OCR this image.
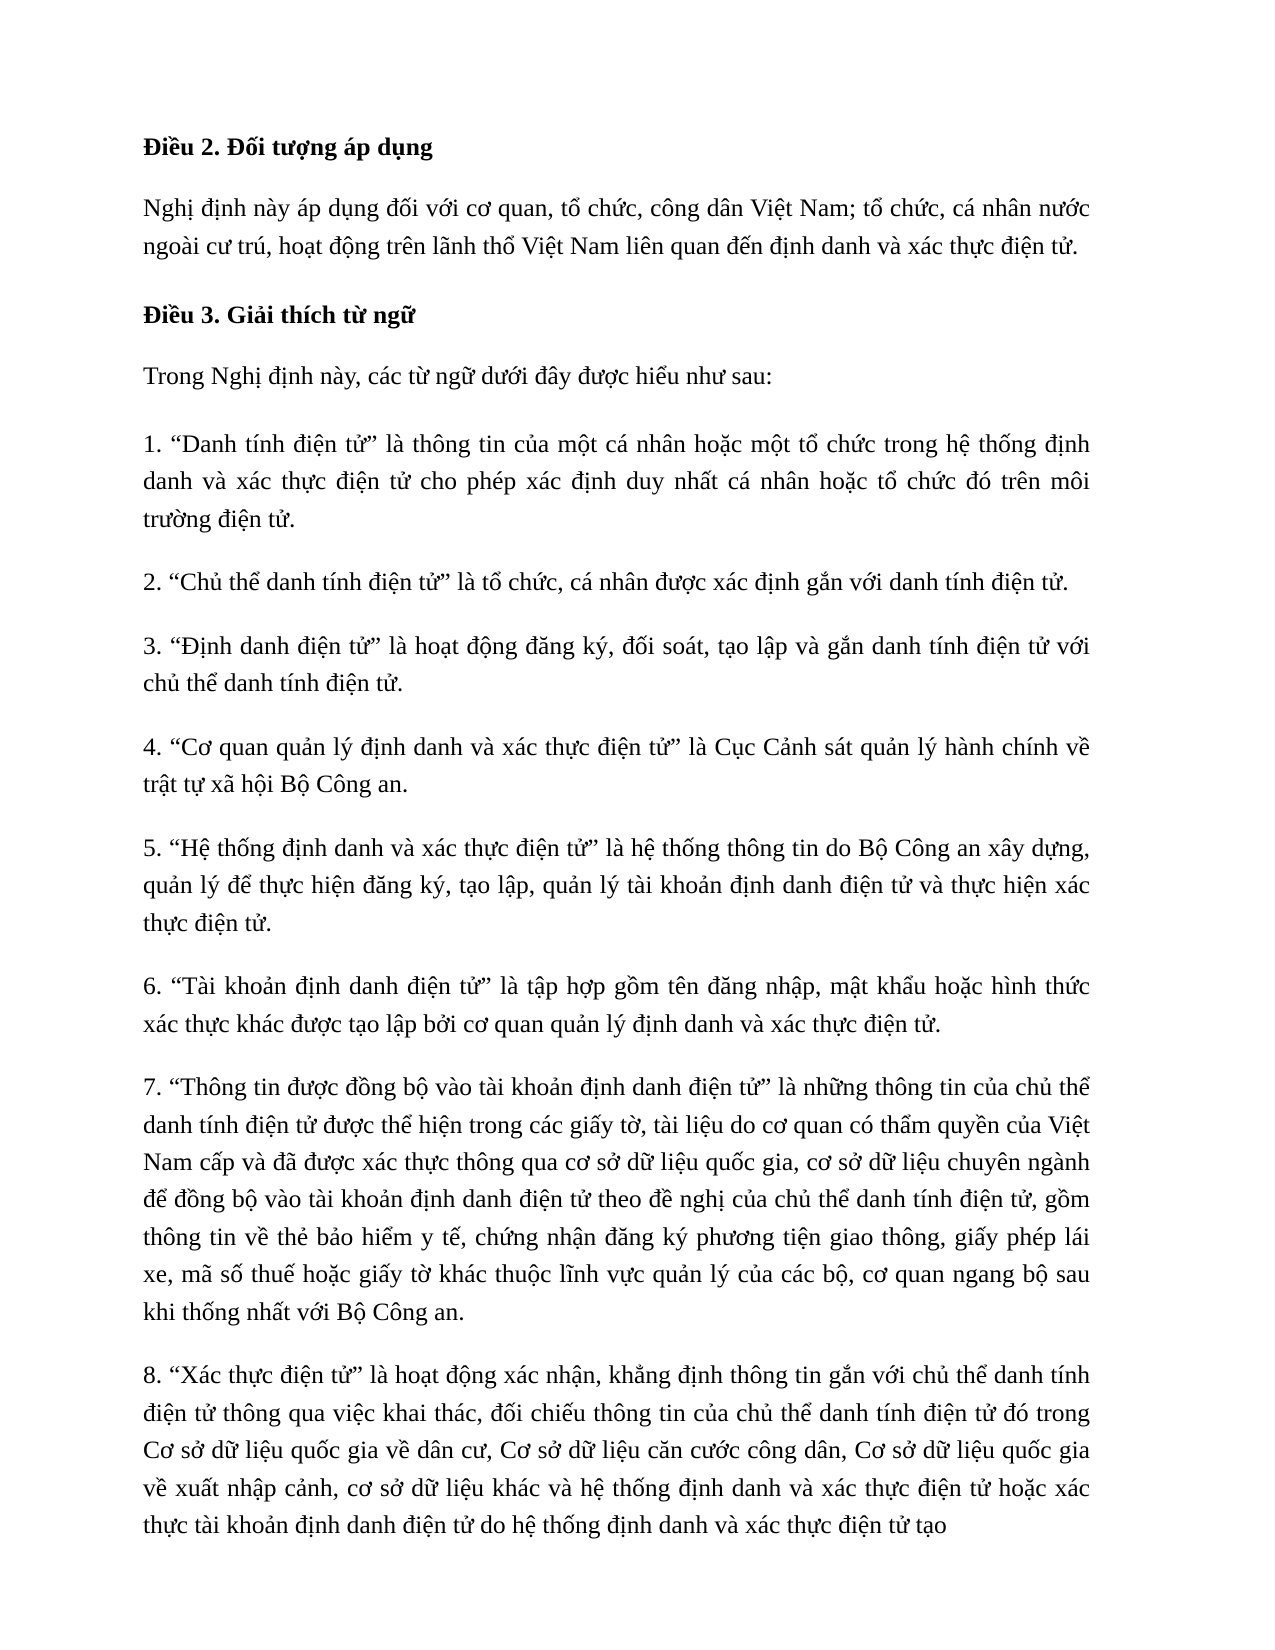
Điều 2. Đối tượng áp dụng

Nghị định này áp dụng đối với cơ quan, tổ chức, công dân Việt Nam; tổ chức, cá nhân nước ngoài cư trú, hoạt động trên lãnh thổ Việt Nam liên quan đến định danh và xác thực điện tử.

Điều 3. Giải thích từ ngữ

Trong Nghị định này, các từ ngữ dưới đây được hiểu như sau:

1. “Danh tính điện tử” là thông tin của một cá nhân hoặc một tổ chức trong hệ thống định danh và xác thực điện tử cho phép xác định duy nhất cá nhân hoặc tổ chức đó trên môi trường điện tử.

2. “Chủ thể danh tính điện tử” là tổ chức, cá nhân được xác định gắn với danh tính điện tử.

3. “Định danh điện tử” là hoạt động đăng ký, đối soát, tạo lập và gắn danh tính điện tử với chủ thể danh tính điện tử.

4. “Cơ quan quản lý định danh và xác thực điện tử” là Cục Cảnh sát quản lý hành chính về trật tự xã hội Bộ Công an.

5. “Hệ thống định danh và xác thực điện tử” là hệ thống thông tin do Bộ Công an xây dựng, quản lý để thực hiện đăng ký, tạo lập, quản lý tài khoản định danh điện tử và thực hiện xác thực điện tử.

6. “Tài khoản định danh điện tử” là tập hợp gồm tên đăng nhập, mật khẩu hoặc hình thức xác thực khác được tạo lập bởi cơ quan quản lý định danh và xác thực điện tử.

7. “Thông tin được đồng bộ vào tài khoản định danh điện tử” là những thông tin của chủ thể danh tính điện tử được thể hiện trong các giấy tờ, tài liệu do cơ quan có thẩm quyền của Việt Nam cấp và đã được xác thực thông qua cơ sở dữ liệu quốc gia, cơ sở dữ liệu chuyên ngành để đồng bộ vào tài khoản định danh điện tử theo đề nghị của chủ thể danh tính điện tử, gồm thông tin về thẻ bảo hiểm y tế, chứng nhận đăng ký phương tiện giao thông, giấy phép lái xe, mã số thuế hoặc giấy tờ khác thuộc lĩnh vực quản lý của các bộ, cơ quan ngang bộ sau khi thống nhất với Bộ Công an.

8. “Xác thực điện tử” là hoạt động xác nhận, khẳng định thông tin gắn với chủ thể danh tính điện tử thông qua việc khai thác, đối chiếu thông tin của chủ thể danh tính điện tử đó trong Cơ sở dữ liệu quốc gia về dân cư, Cơ sở dữ liệu căn cước công dân, Cơ sở dữ liệu quốc gia về xuất nhập cảnh, cơ sở dữ liệu khác và hệ thống định danh và xác thực điện tử hoặc xác thực tài khoản định danh điện tử do hệ thống định danh và xác thực điện tử tạo
